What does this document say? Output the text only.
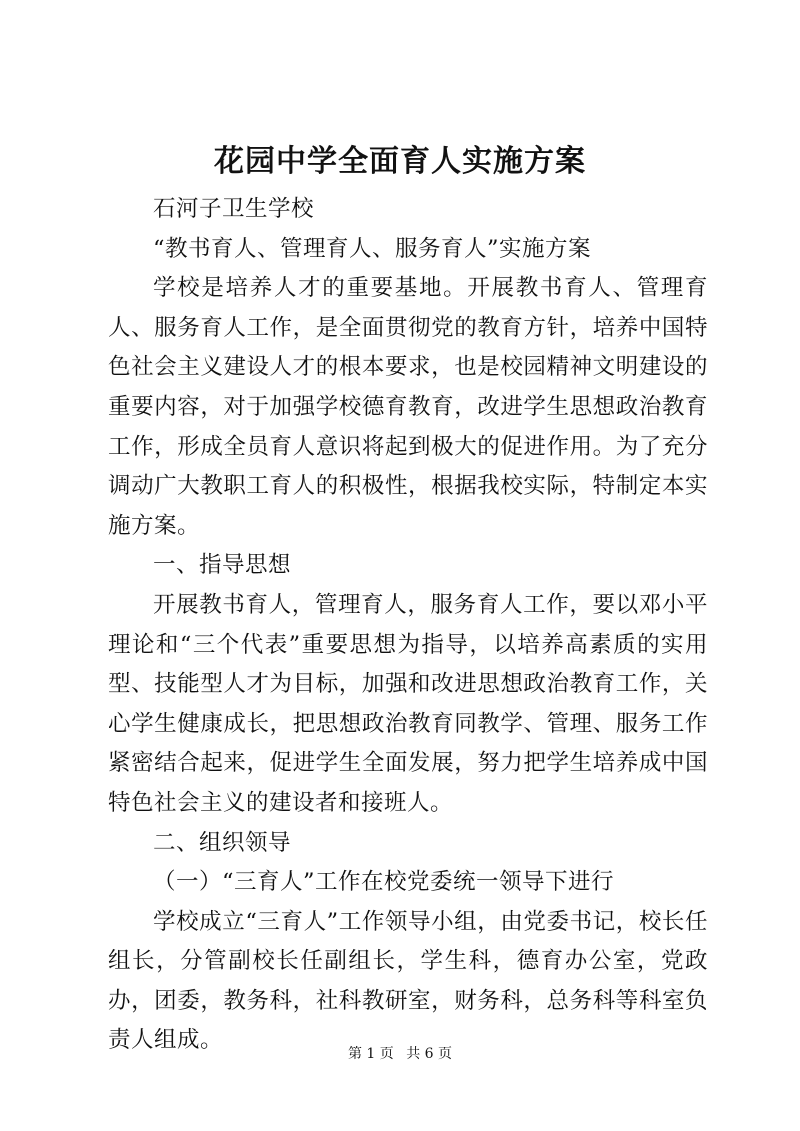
花园中学全面育人实施方案

石河子卫生学校

“教书育人、管理育人、服务育人”实施方案

学校是培养人才的重要基地。开展教书育人、管理育人、服务育人工作，是全面贯彻党的教育方针，培养中国特色社会主义建设人才的根本要求，也是校园精神文明建设的重要内容，对于加强学校德育教育，改进学生思想政治教育工作，形成全员育人意识将起到极大的促进作用。为了充分调动广大教职工育人的积极性，根据我校实际，特制定本实施方案。

一、指导思想

开展教书育人，管理育人，服务育人工作，要以邓小平理论和“三个代表”重要思想为指导，以培养高素质的实用型、技能型人才为目标，加强和改进思想政治教育工作，关心学生健康成长，把思想政治教育同教学、管理、服务工作紧密结合起来，促进学生全面发展，努力把学生培养成中国特色社会主义的建设者和接班人。

二、组织领导

（一）“三育人”工作在校党委统一领导下进行

学校成立“三育人”工作领导小组，由党委书记，校长任组长，分管副校长任副组长，学生科，德育办公室，党政办，团委，教务科，社科教研室，财务科，总务科等科室负责人组成。

第 1 页 共 6 页
